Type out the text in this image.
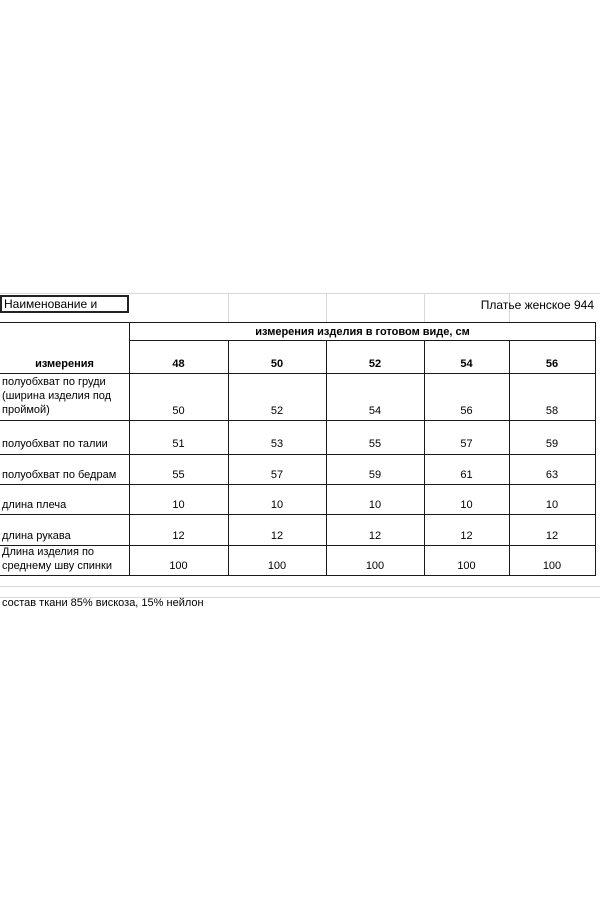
Наименование и	Платье женское 944
измерения изделия в готовом виде, см
измерения	48	50	52	54	56
полуобхват по груди
(ширина изделия под
проймой)	50	52	54	56	58
полуобхват по талии	51	53	55	57	59
полуобхват по бедрам	55	57	59	61	63
длина плеча	10	10	10	10	10
длина рукава	12	12	12	12	12
Длина изделия по
среднему шву спинки	100	100	100	100	100
состав ткани 85% вискоза, 15% нейлон
